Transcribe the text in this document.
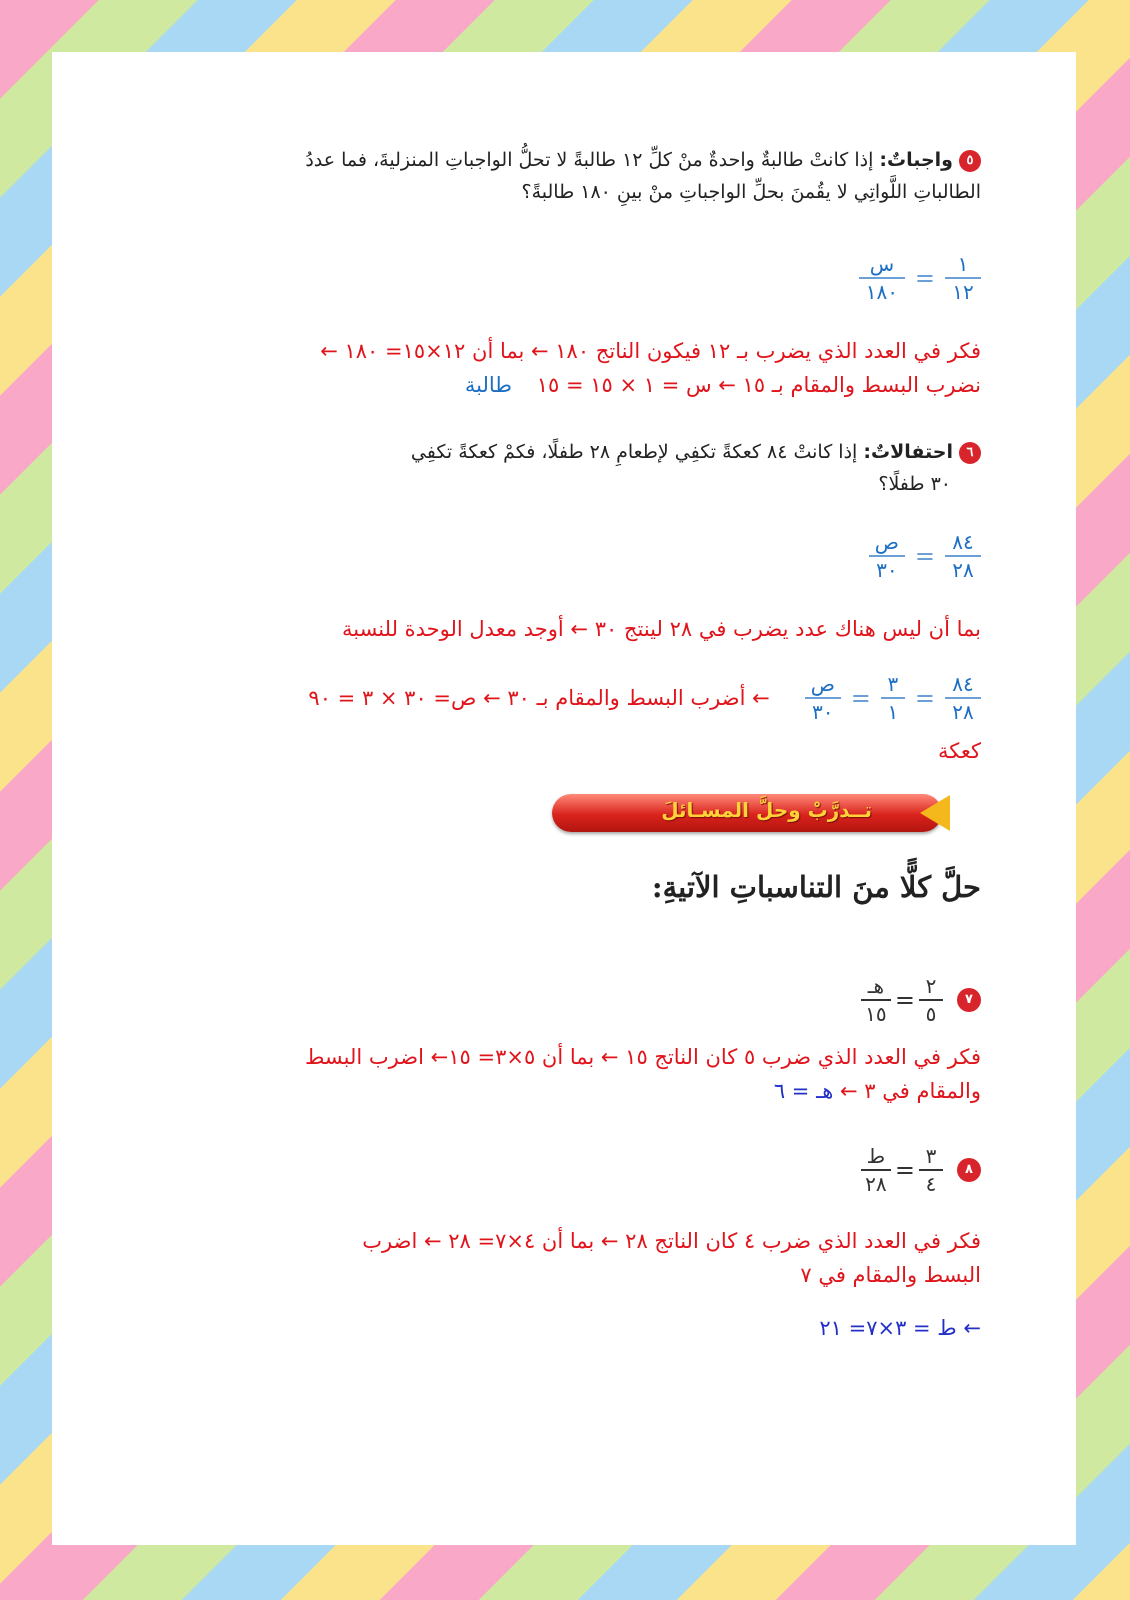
٥واجباتٌ: إذا كانتْ طالبةٌ واحدةٌ منْ كلِّ ١٢ طالبةً لا تحلُّ الواجباتِ المنزليةَ، فما عددُ
الطالباتِ اللَّواتِي لا يقُمنَ بحلِّ الواجباتِ منْ بينِ ١٨٠ طالبةً؟
$\frac{١}{١٢}$
=
$\frac{\text{س}}{١٨٠}$
فكر في العدد الذي يضرب بـ ١٢ فيكون الناتج ١٨٠ ← بما أن ١٢×١٥= ١٨٠ ←
نضرب البسط والمقام بـ ١٥ ← س = ١ × ١٥ = ١٥ طالبة
٦احتفالاتٌ: إذا كانتْ ٨٤ كعكةً تكفِي لإطعامِ ٢٨ طفلًا، فكمْ كعكةً تكفِي
٣٠ طفلًا؟
$\frac{٨٤}{٢٨}$
=
$\frac{\text{ص}}{٣٠}$
بما أن ليس هناك عدد يضرب في ٢٨ لينتج ٣٠ ← أوجد معدل الوحدة للنسبة
$\frac{٨٤}{٢٨}$
=
$\frac{٣}{١}$
=
$\frac{\text{ص}}{٣٠}$
← أضرب البسط والمقام بـ ٣٠ ← ص= ٣٠ × ٣ = ٩٠
كعكة
تــدرَّبْ وحلَّ المسـائلَ
حلَّ كلًّا منَ التناسباتِ الآتيةِ:
٧
$\frac{٢}{٥}$
=
$\frac{\text{هـ}}{١٥}$
فكر في العدد الذي ضرب ٥ كان الناتج ١٥ ← بما أن ٥×٣= ١٥← اضرب البسط
والمقام في ٣ ← هـ = ٦
٨
$\frac{٣}{٤}$
=
$\frac{\text{ط}}{٢٨}$
فكر في العدد الذي ضرب ٤ كان الناتج ٢٨ ← بما أن ٤×٧= ٢٨ ← اضرب
البسط والمقام في ٧
← ط = ٣×٧= ٢١
